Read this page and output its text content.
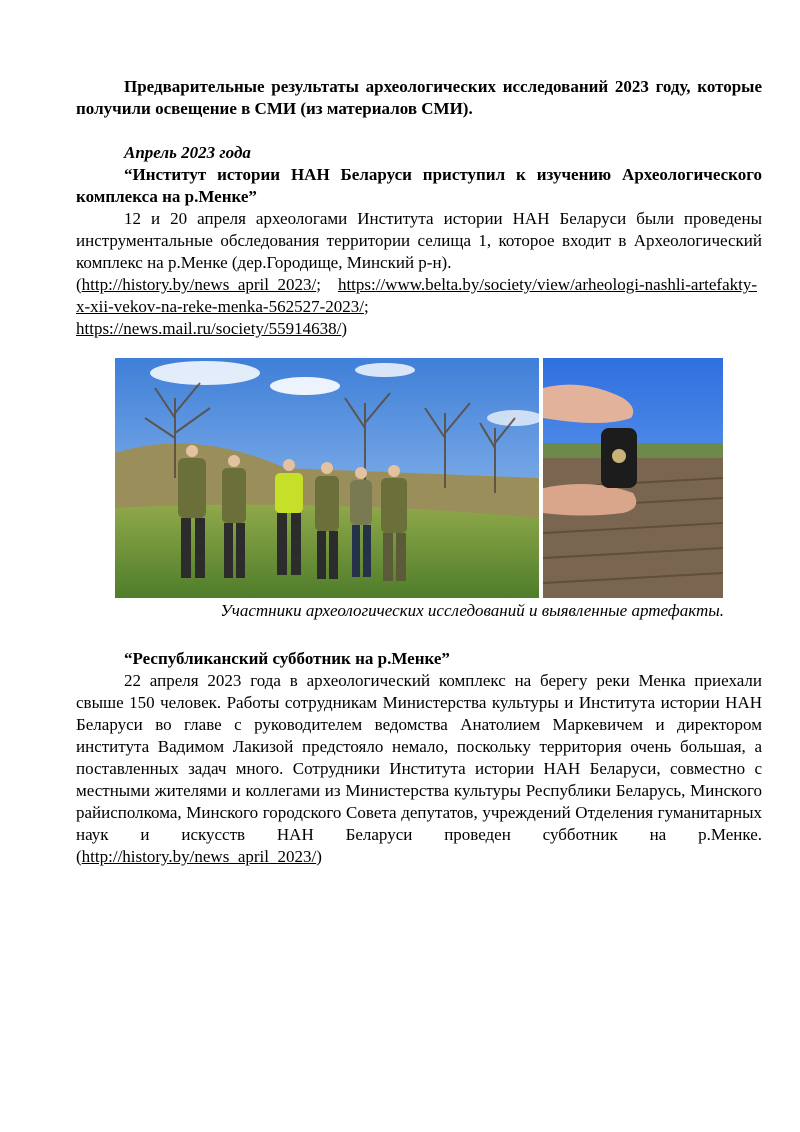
Предварительные результаты археологических исследований 2023 году, которые получили освещение в СМИ (из материалов СМИ).

Апрель 2023 года

“Институт истории НАН Беларуси приступил к изучению Археологического комплекса на р.Менке”

12 и 20 апреля археологами Института истории НАН Беларуси были проведены инструментальные обследования территории селища 1, которое входит в Археологический комплекс на р.Менке (дер.Городище, Минский р-н).

(http://history.by/news_april_2023/;    https://www.belta.by/society/view/arheologi-nashli-artefakty-x-xii-vekov-na-reke-menka-562527-2023/;
https://news.mail.ru/society/55914638/)

Участники археологических исследований и выявленные артефакты.

“Республиканский субботник на р.Менке”

22 апреля 2023 года в археологический комплекс на берегу реки Менка приехали свыше 150 человек. Работы сотрудникам Министерства культуры и Института истории НАН Беларуси во главе с руководителем ведомства Анатолием Маркевичем и директором института Вадимом Лакизой предстояло немало, поскольку территория очень большая, а поставленных задач много. Сотрудники Института истории НАН Беларуси, совместно с местными жителями и коллегами из Министерства культуры Республики Беларусь, Минского райисполкома, Минского городского Совета депутатов, учреждений Отделения гуманитарных наук и искусств НАН Беларуси проведен субботник на р.Менке. (http://history.by/news_april_2023/)
